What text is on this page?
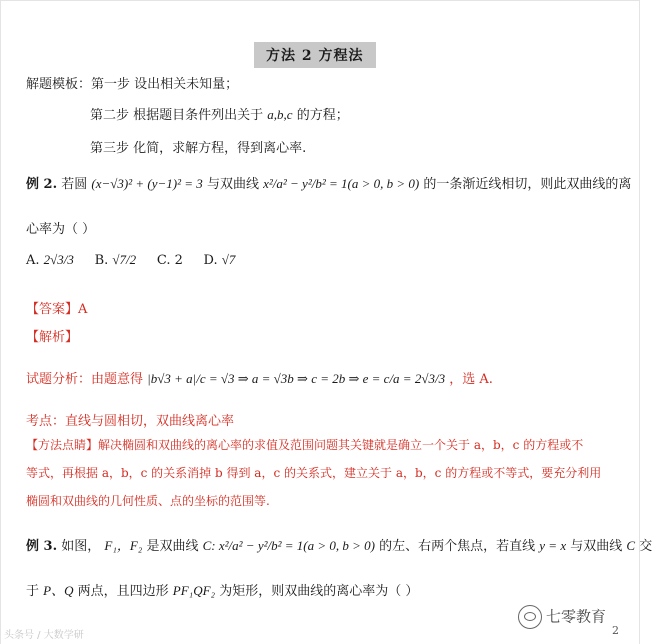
方法 2 方程法
解题模板：第一步 设出相关未知量；
第二步 根据题目条件列出关于 a,b,c 的方程；
第三步 化简，求解方程，得到离心率.
例 2. 若圆 (x−√3)² + (y−1)² = 3 与双曲线 x²/a² − y²/b² = 1(a > 0, b > 0) 的一条渐近线相切，则此双曲线的离
心率为（ ）
A. 2√3/3 B. √7/2 C. 2 D. √7
【答案】A
【解析】
试题分析：由题意得 |b√3 + a|/c = √3 ⇒ a = √3b ⇒ c = 2b ⇒ e = c/a = 2√3/3 ，选 A.
考点：直线与圆相切，双曲线离心率
【方法点睛】解决椭圆和双曲线的离心率的求值及范围问题其关键就是确立一个关于 a，b，c 的方程或不
等式，再根据 a，b，c 的关系消掉 b 得到 a，c 的关系式，建立关于 a，b，c 的方程或不等式，要充分利用
椭圆和双曲线的几何性质、点的坐标的范围等.
例 3. 如图， F₁，F₂ 是双曲线 C: x²/a² − y²/b² = 1(a > 0, b > 0) 的左、右两个焦点，若直线 y = x 与双曲线 C 交
于 P、Q 两点，且四边形 PF₁QF₂ 为矩形，则双曲线的离心率为（ ）
头条号 / 大数学研
七零教育
2
